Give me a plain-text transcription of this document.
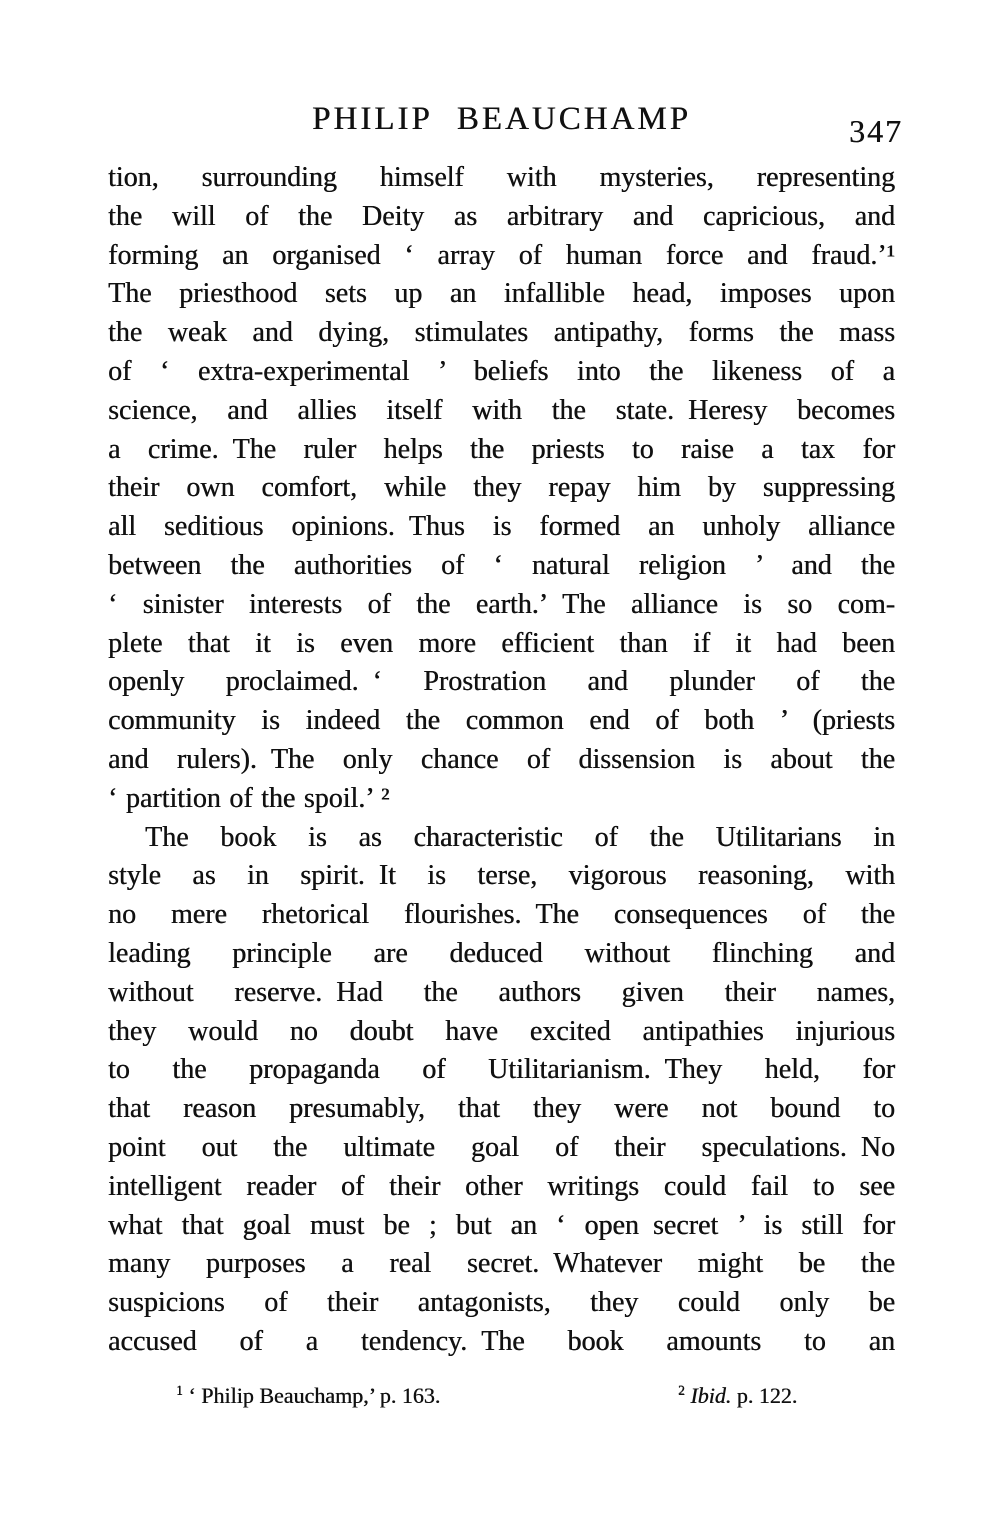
PHILIP BEAUCHAMP	347
tion, surrounding himself with mysteries, representing
the will of the Deity as arbitrary and capricious, and
forming an organised ‘ array of human force and fraud.’¹
The priesthood sets up an infallible head, imposes upon
the weak and dying, stimulates antipathy, forms the mass
of ‘ extra-experimental ’ beliefs into the likeness of a
science, and allies itself with the state. Heresy becomes
a crime. The ruler helps the priests to raise a tax for
their own comfort, while they repay him by suppressing
all seditious opinions. Thus is formed an unholy alliance
between the authorities of ‘ natural religion ’ and the
‘ sinister interests of the earth.’ The alliance is so com-
plete that it is even more efficient than if it had been
openly proclaimed. ‘ Prostration and plunder of the
community is indeed the common end of both ’ (priests
and rulers). The only chance of dissension is about the
‘ partition of the spoil.’ ²
The book is as characteristic of the Utilitarians in
style as in spirit. It is terse, vigorous reasoning, with
no mere rhetorical flourishes. The consequences of the
leading principle are deduced without flinching and
without reserve. Had the authors given their names,
they would no doubt have excited antipathies injurious
to the propaganda of Utilitarianism. They held, for
that reason presumably, that they were not bound to
point out the ultimate goal of their speculations. No
intelligent reader of their other writings could fail to see
what that goal must be ; but an ‘ open secret ’ is still for
many purposes a real secret. Whatever might be the
suspicions of their antagonists, they could only be
accused of a tendency. The book amounts to an
$^1$ ‘ Philip Beauchamp,’ p. 163.	$^2$ Ibid. p. 122.
